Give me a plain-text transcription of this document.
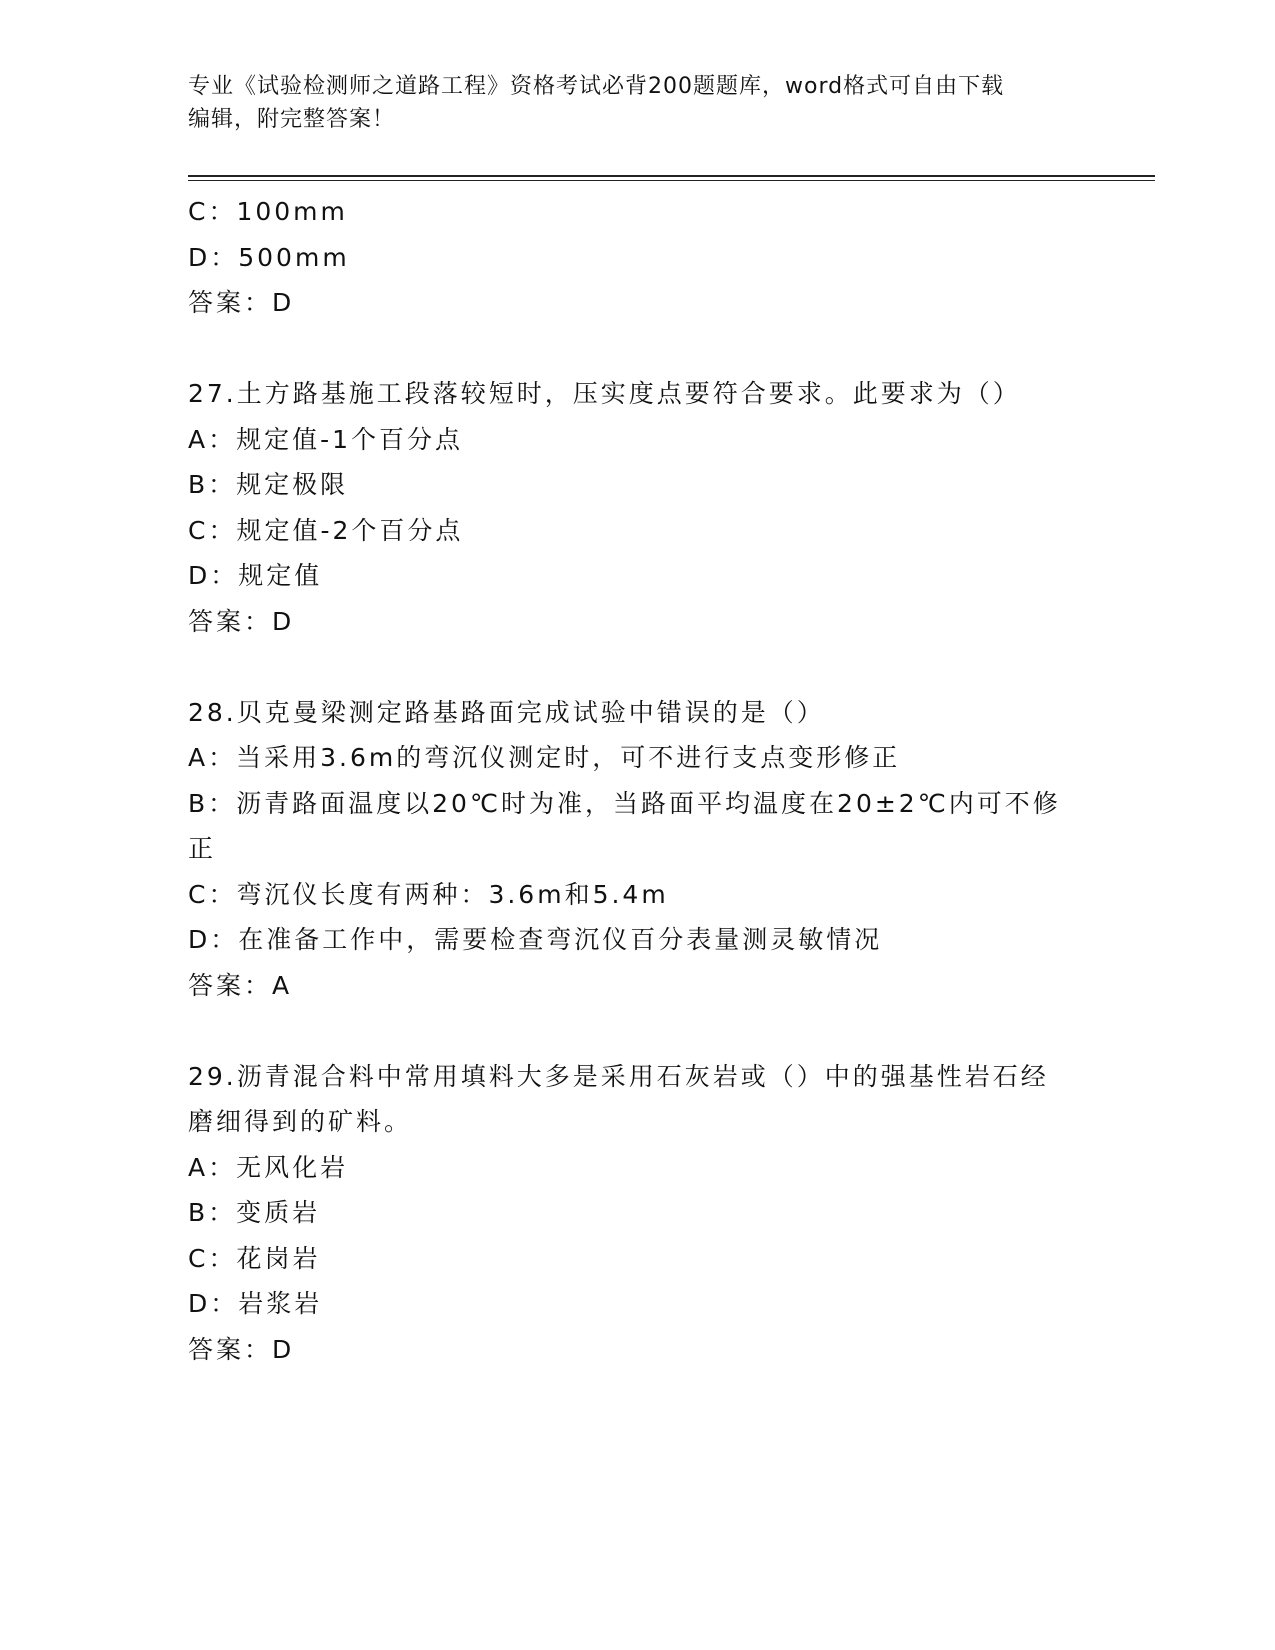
专业《试验检测师之道路工程》资格考试必背200题题库，word格式可自由下载
编辑，附完整答案！
C：100mm
D：500mm
答案：D
27.土方路基施工段落较短时，压实度点要符合要求。此要求为（）
A：规定值-1个百分点
B：规定极限
C：规定值-2个百分点
D：规定值
答案：D
28.贝克曼梁测定路基路面完成试验中错误的是（）
A：当采用3.6m的弯沉仪测定时，可不进行支点变形修正
B：沥青路面温度以20℃时为准，当路面平均温度在20±2℃内可不修
正
C：弯沉仪长度有两种：3.6m和5.4m
D：在准备工作中，需要检查弯沉仪百分表量测灵敏情况
答案：A
29.沥青混合料中常用填料大多是采用石灰岩或（）中的强基性岩石经
磨细得到的矿料。
A：无风化岩
B：变质岩
C：花岗岩
D：岩浆岩
答案：D
